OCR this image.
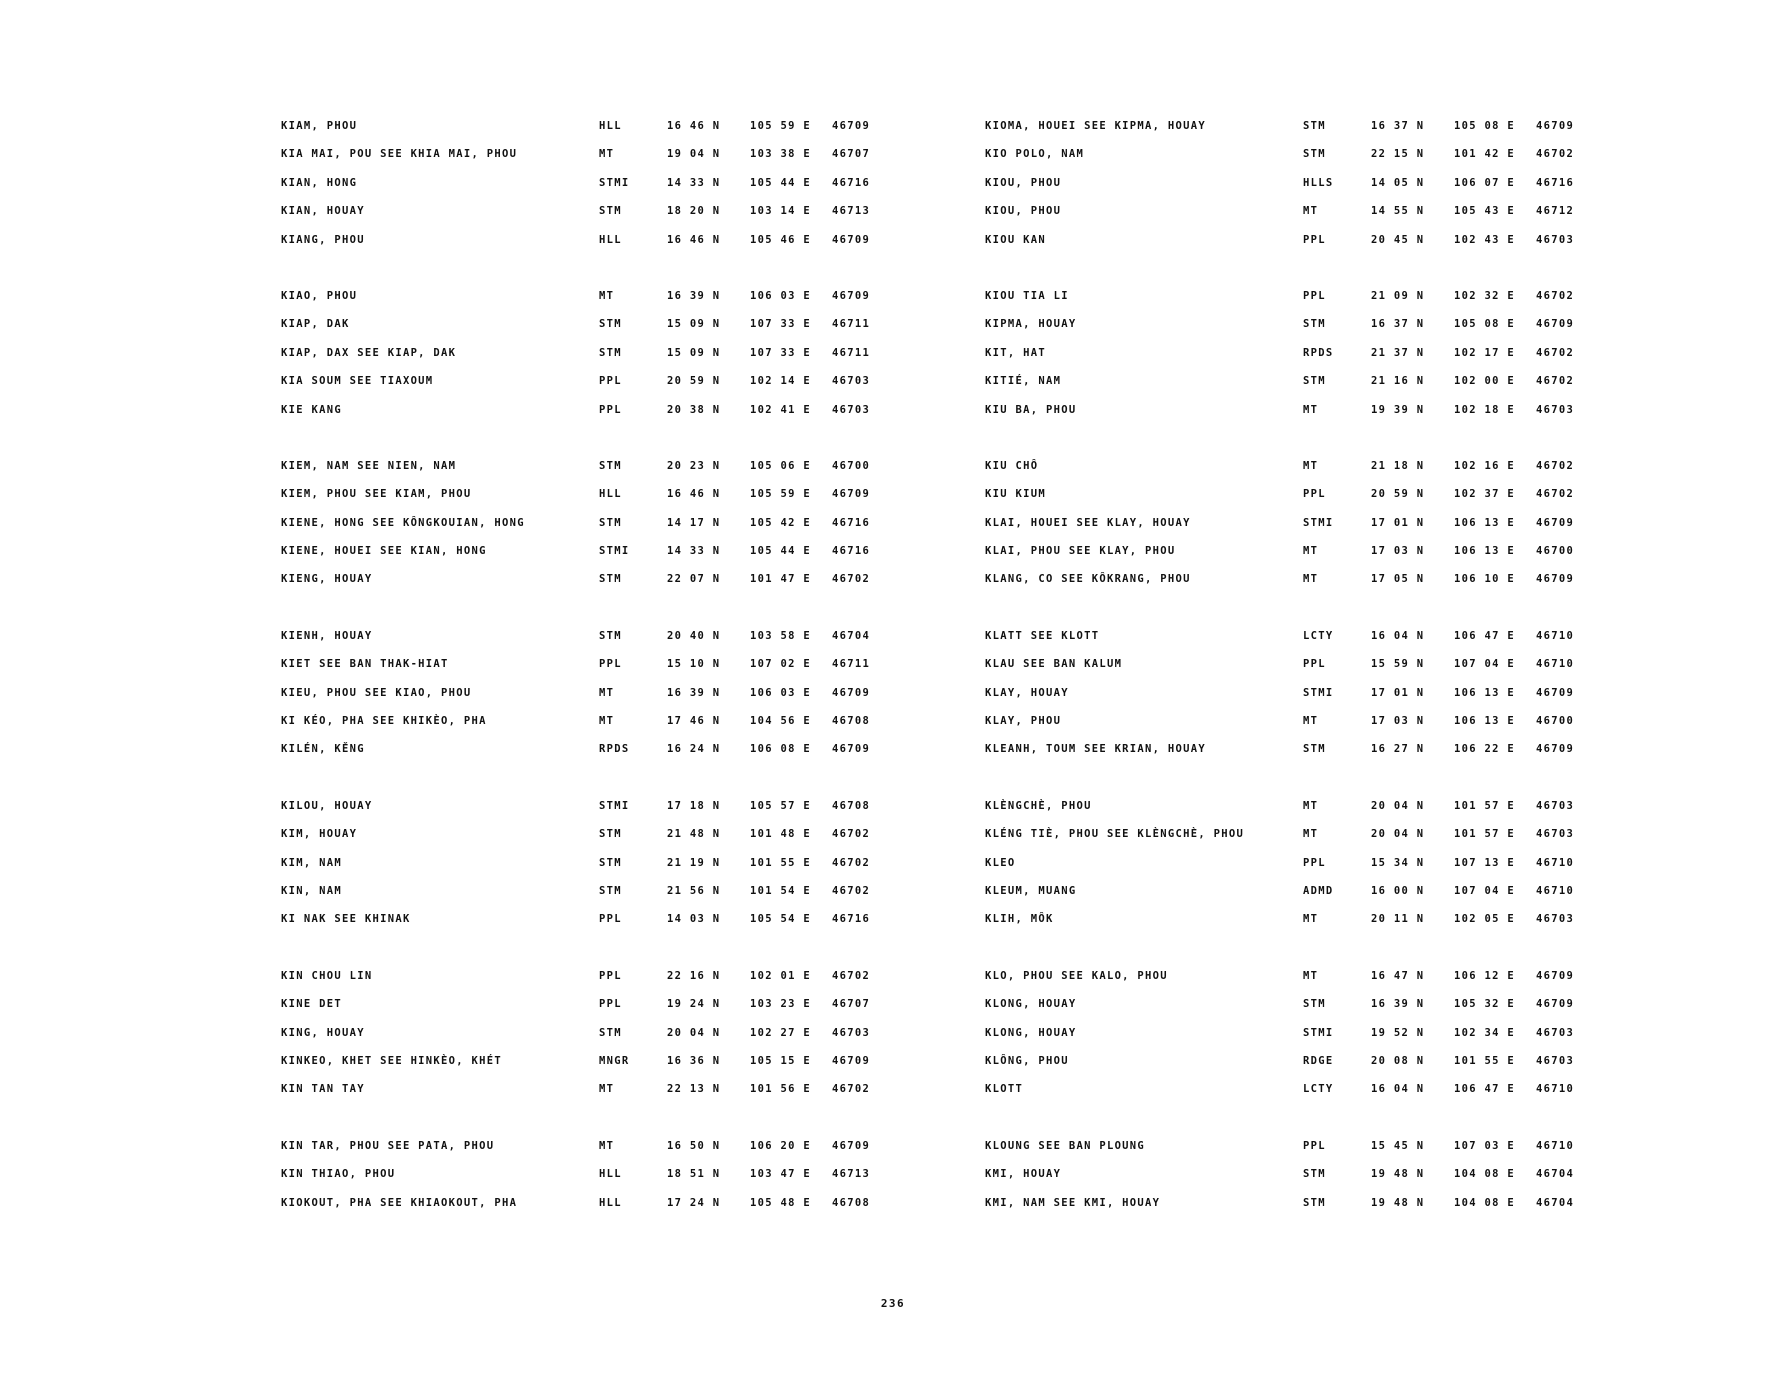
KIAM, PHOU	HLL	16 46 N	105 59 E 46709
KIA MAI, POU SEE KHIA MAI, PHOU	MT	19 04 N	103 38 E 46707
KIAN, HONG	STMI	14 33 N	105 44 E 46716
KIAN, HOUAY	STM	18 20 N	103 14 E 46713
KIANG, PHOU	HLL	16 46 N	105 46 E 46709
KIAO, PHOU	MT	16 39 N	106 03 E 46709
KIAP, DAK	STM	15 09 N	107 33 E 46711
KIAP, DAX SEE KIAP, DAK	STM	15 09 N	107 33 E 46711
KIA SOUM SEE TIAXOUM	PPL	20 59 N	102 14 E 46703
KIE KANG	PPL	20 38 N	102 41 E 46703
KIEM, NAM SEE NIEN, NAM	STM	20 23 N	105 06 E 46700
KIEM, PHOU SEE KIAM, PHOU	HLL	16 46 N	105 59 E 46709
KIENE, HONG SEE KÔNGKOUIAN, HONG	STM	14 17 N	105 42 E 46716
KIENE, HOUEI SEE KIAN, HONG	STMI	14 33 N	105 44 E 46716
KIENG, HOUAY	STM	22 07 N	101 47 E 46702
KIENH, HOUAY	STM	20 40 N	103 58 E 46704
KIET SEE BAN THAK-HIAT	PPL	15 10 N	107 02 E 46711
KIEU, PHOU SEE KIAO, PHOU	MT	16 39 N	106 03 E 46709
KI KÉO, PHA SEE KHIKÈO, PHA	MT	17 46 N	104 56 E 46708
KILÉN, KĚNG	RPDS	16 24 N	106 08 E 46709
KILOU, HOUAY	STMI	17 18 N	105 57 E 46708
KIM, HOUAY	STM	21 48 N	101 48 E 46702
KIM, NAM	STM	21 19 N	101 55 E 46702
KIN, NAM	STM	21 56 N	101 54 E 46702
KI NAK SEE KHINAK	PPL	14 03 N	105 54 E 46716
KIN CHOU LIN	PPL	22 16 N	102 01 E 46702
KINE DET	PPL	19 24 N	103 23 E 46707
KING, HOUAY	STM	20 04 N	102 27 E 46703
KINKEO, KHET SEE HINKÈO, KHÉT	MNGR	16 36 N	105 15 E 46709
KIN TAN TAY	MT	22 13 N	101 56 E 46702
KIN TAR, PHOU SEE PATA, PHOU	MT	16 50 N	106 20 E 46709
KIN THIAO, PHOU	HLL	18 51 N	103 47 E 46713
KIOKOUT, PHA SEE KHIAOKOUT, PHA	HLL	17 24 N	105 48 E 46708
KIOMA, HOUEI SEE KIPMA, HOUAY	STM	16 37 N	105 08 E 46709
KIO POLO, NAM	STM	22 15 N	101 42 E 46702
KIOU, PHOU	HLLS	14 05 N	106 07 E 46716
KIOU, PHOU	MT	14 55 N	105 43 E 46712
KIOU KAN	PPL	20 45 N	102 43 E 46703
KIOU TIA LI	PPL	21 09 N	102 32 E 46702
KIPMA, HOUAY	STM	16 37 N	105 08 E 46709
KIT, HAT	RPDS	21 37 N	102 17 E 46702
KITIÉ, NAM	STM	21 16 N	102 00 E 46702
KIU BA, PHOU	MT	19 39 N	102 18 E 46703
KIU CHÔ	MT	21 18 N	102 16 E 46702
KIU KIUM	PPL	20 59 N	102 37 E 46702
KLAI, HOUEI SEE KLAY, HOUAY	STMI	17 01 N	106 13 E 46709
KLAI, PHOU SEE KLAY, PHOU	MT	17 03 N	106 13 E 46700
KLANG, CO SEE KÔKRANG, PHOU	MT	17 05 N	106 10 E 46709
KLATT SEE KLOTT	LCTY	16 04 N	106 47 E 46710
KLAU SEE BAN KALUM	PPL	15 59 N	107 04 E 46710
KLAY, HOUAY	STMI	17 01 N	106 13 E 46709
KLAY, PHOU	MT	17 03 N	106 13 E 46700
KLEANH, TOUM SEE KRIAN, HOUAY	STM	16 27 N	106 22 E 46709
KLÈNGCHÈ, PHOU	MT	20 04 N	101 57 E 46703
KLÉNG TIÈ, PHOU SEE KLÈNGCHÈ, PHOU	MT	20 04 N	101 57 E 46703
KLEO	PPL	15 34 N	107 13 E 46710
KLEUM, MUANG	ADMD	16 00 N	107 04 E 46710
KLIH, MÔK	MT	20 11 N	102 05 E 46703
KLO, PHOU SEE KALO, PHOU	MT	16 47 N	106 12 E 46709
KLONG, HOUAY	STM	16 39 N	105 32 E 46709
KLONG, HOUAY	STMI	19 52 N	102 34 E 46703
KLÔNG, PHOU	RDGE	20 08 N	101 55 E 46703
KLOTT	LCTY	16 04 N	106 47 E 46710
KLOUNG SEE BAN PLOUNG	PPL	15 45 N	107 03 E 46710
KMI, HOUAY	STM	19 48 N	104 08 E 46704
KMI, NAM SEE KMI, HOUAY	STM	19 48 N	104 08 E 46704
236
